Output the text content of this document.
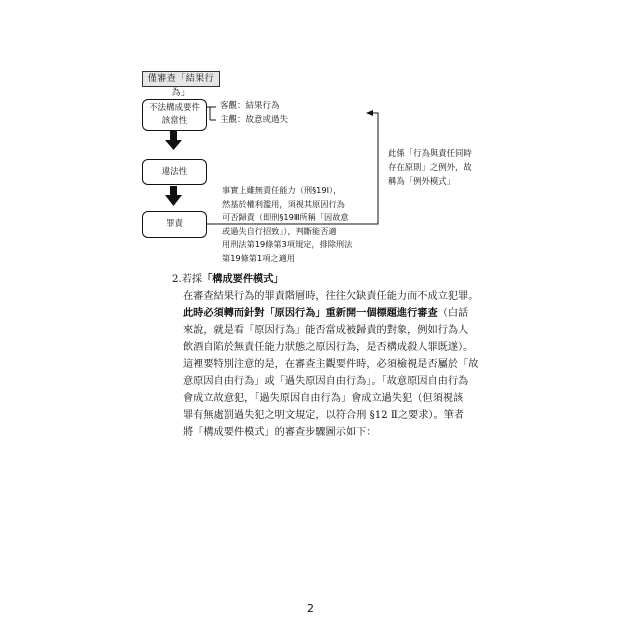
僅審查「結果行為」
不法構成要件
該當性
客觀：結果行為
主觀：故意或過失
違法性
罪責
事實上雖無責任能力（刑§19Ⅰ），
然基於權利濫用，須視其原因行為
可否歸責（即刑§19Ⅲ所稱「因故意
或過失自行招致」），判斷能否適
用刑法第19條第3項規定，排除刑法
第19條第1項之適用
此係「行為與責任同時
存在原則」之例外，故
稱為「例外模式」
2.若採「構成要件模式」
在審查結果行為的罪責階層時，往往欠缺責任能力而不成立犯罪。
此時必須轉而針對「原因行為」重新開一個標題進行審查（白話
來說，就是看「原因行為」能否當成被歸責的對象，例如行為人
飲酒自陷於無責任能力狀態之原因行為，是否構成殺人罪既遂）。
這裡要特別注意的是，在審查主觀要件時，必須檢視是否屬於「故
意原因自由行為」或「過失原因自由行為」。「故意原因自由行為
會成立故意犯，「過失原因自由行為」會成立過失犯（但須視該
罪有無處罰過失犯之明文規定，以符合刑 §12 Ⅱ之要求）。筆者
將「構成要件模式」的審查步驟圖示如下：
2
